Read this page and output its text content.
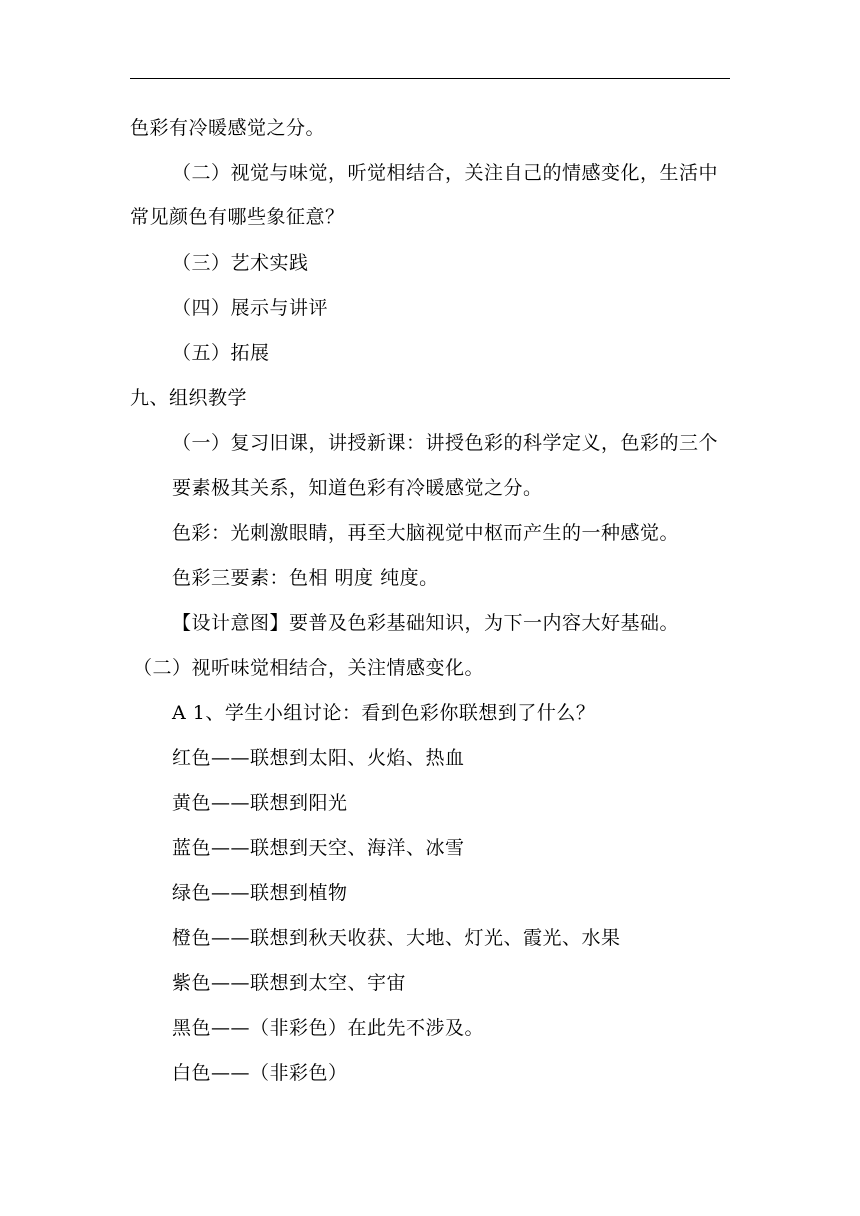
色彩有冷暖感觉之分。
（二）视觉与味觉，听觉相结合，关注自己的情感变化，生活中
常见颜色有哪些象征意？
（三）艺术实践
（四）展示与讲评
（五）拓展
九、组织教学
（一）复习旧课，讲授新课：讲授色彩的科学定义，色彩的三个
要素极其关系，知道色彩有冷暖感觉之分。
色彩：光刺激眼睛，再至大脑视觉中枢而产生的一种感觉。
色彩三要素：色相 明度 纯度。
【设计意图】要普及色彩基础知识，为下一内容大好基础。
（二）视听味觉相结合，关注情感变化。
A 1、学生小组讨论：看到色彩你联想到了什么？
红色——联想到太阳、火焰、热血
黄色——联想到阳光
蓝色——联想到天空、海洋、冰雪
绿色——联想到植物
橙色——联想到秋天收获、大地、灯光、霞光、水果
紫色——联想到太空、宇宙
黑色——（非彩色）在此先不涉及。
白色——（非彩色）
